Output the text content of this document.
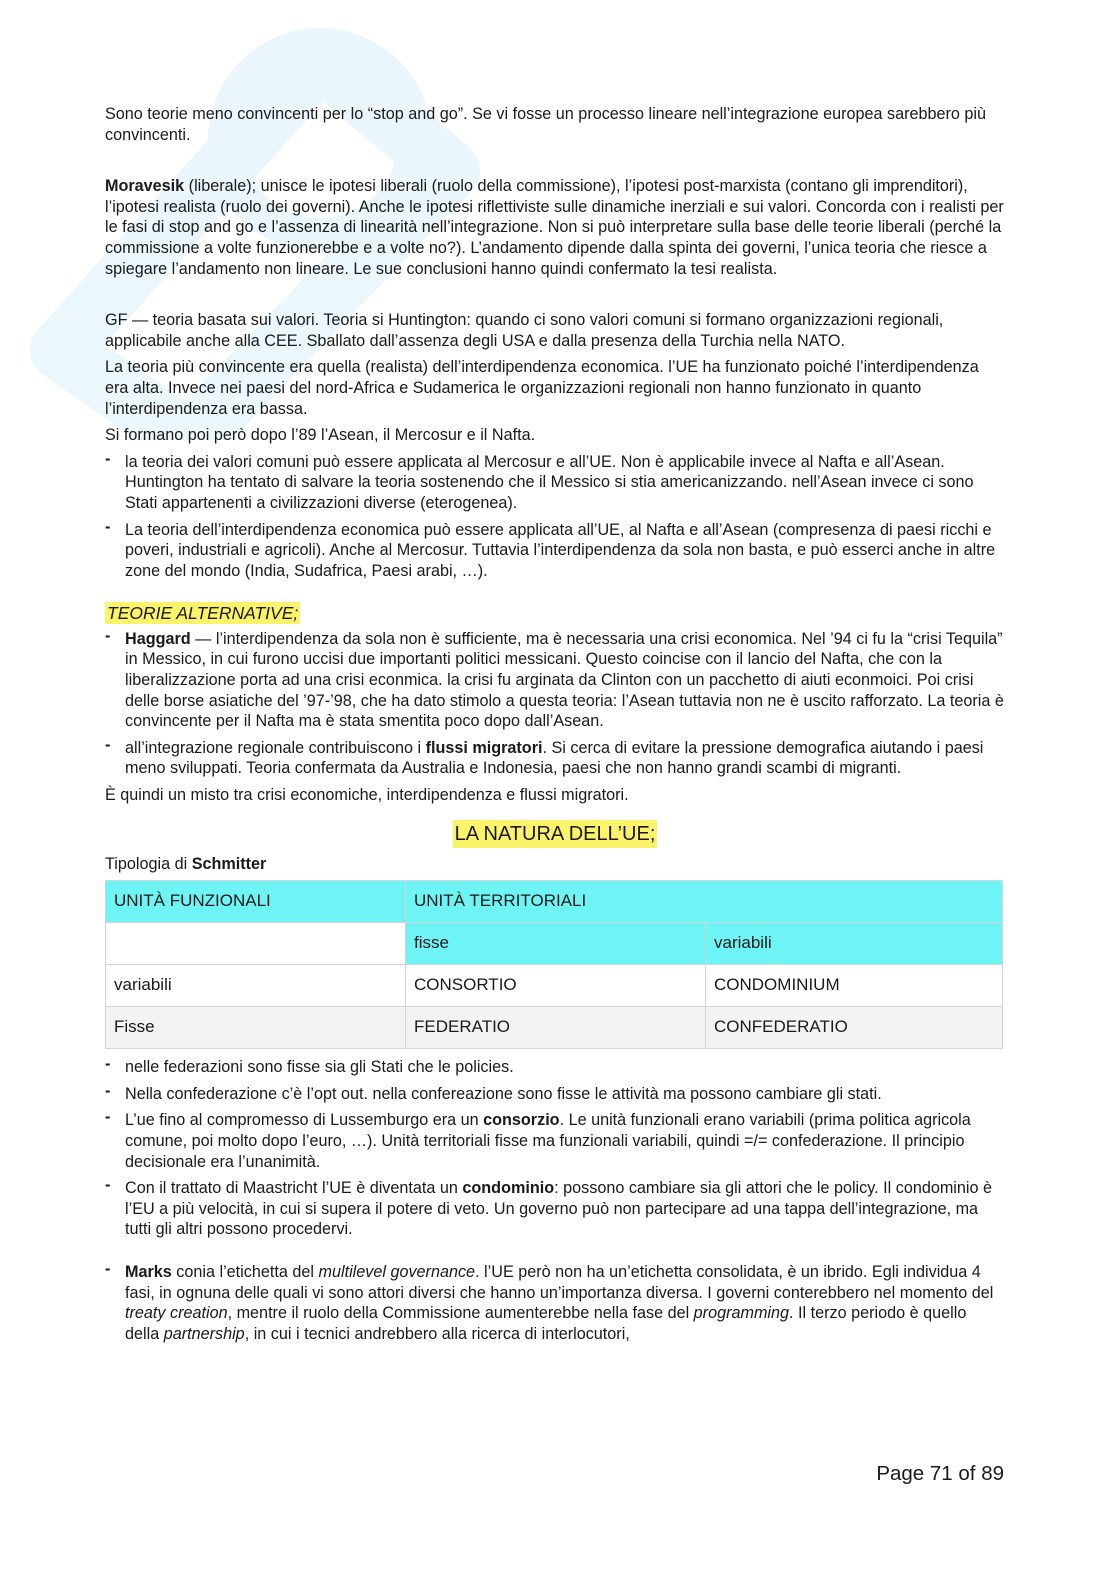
Sono teorie meno convincenti per lo “stop and go”. Se vi fosse un processo lineare nell’integrazione europea sarebbero più convincenti.

Moravesik (liberale); unisce le ipotesi liberali (ruolo della commissione), l’ipotesi post-marxista (contano gli imprenditori), l’ipotesi realista (ruolo dei governi). Anche le ipotesi riflettiviste sulle dinamiche inerziali e sui valori. Concorda con i realisti per le fasi di stop and go e l’assenza di linearità nell’integrazione. Non si può interpretare sulla base delle teorie liberali (perché la commissione a volte funzionerebbe e a volte no?). L’andamento dipende dalla spinta dei governi, l’unica teoria che riesce a spiegare l’andamento non lineare. Le sue conclusioni hanno quindi confermato la tesi realista.

GF — teoria basata sui valori. Teoria si Huntington: quando ci sono valori comuni si formano organizzazioni regionali, applicabile anche alla CEE. Sballato dall’assenza degli USA e dalla presenza della Turchia nella NATO.

La teoria più convincente era quella (realista) dell’interdipendenza economica. l’UE ha funzionato poiché l’interdipendenza era alta. Invece nei paesi del nord-Africa e Sudamerica le organizzazioni regionali non hanno funzionato in quanto l’interdipendenza era bassa.

Si formano poi però dopo l’89 l’Asean, il Mercosur e il Nafta.

- la teoria dei valori comuni può essere applicata al Mercosur e all’UE. Non è applicabile invece al Nafta e all’Asean. Huntington ha tentato di salvare la teoria sostenendo che il Messico si stia americanizzando. nell’Asean invece ci sono Stati appartenenti a civilizzazioni diverse (eterogenea).
- La teoria dell’interdipendenza economica può essere applicata all’UE, al Nafta e all’Asean (compresenza di paesi ricchi e poveri, industriali e agricoli). Anche al Mercosur. Tuttavia l’interdipendenza da sola non basta, e può esserci anche in altre zone del mondo (India, Sudafrica, Paesi arabi, …).

TEORIE ALTERNATIVE;

- Haggard — l’interdipendenza da sola non è sufficiente, ma è necessaria una crisi economica. Nel ’94 ci fu la “crisi Tequila” in Messico, in cui furono uccisi due importanti politici messicani. Questo coincise con il lancio del Nafta, che con la liberalizzazione porta ad una crisi econmica. la crisi fu arginata da Clinton con un pacchetto di aiuti econmoici. Poi crisi delle borse asiatiche del ’97-’98, che ha dato stimolo a questa teoria: l’Asean tuttavia non ne è uscito rafforzato. La teoria è convincente per il Nafta ma è stata smentita poco dopo dall’Asean.
- all’integrazione regionale contribuiscono i flussi migratori. Si cerca di evitare la pressione demografica aiutando i paesi meno sviluppati. Teoria confermata da Australia e Indonesia, paesi che non hanno grandi scambi di migranti.

È quindi un misto tra crisi economiche, interdipendenza e flussi migratori.

LA NATURA DELL’UE;

Tipologia di Schmitter

UNITÀ FUNZIONALI	UNITÀ TERRITORIALI	
	fisse	variabili
variabili	CONSORTIO	CONDOMINIUM
Fisse	FEDERATIO	CONFEDERATIO
- nelle federazioni sono fisse sia gli Stati che le policies.
- Nella confederazione c’è l’opt out. nella confereazione sono fisse le attività ma possono cambiare gli stati.
- L’ue fino al compromesso di Lussemburgo era un consorzio. Le unità funzionali erano variabili (prima politica agricola comune, poi molto dopo l’euro, …). Unità territoriali fisse ma funzionali variabili, quindi =/= confederazione. Il principio decisionale era l’unanimità.
- Con il trattato di Maastricht l’UE è diventata un condominio: possono cambiare sia gli attori che le policy. Il condominio è l’EU a più velocità, in cui si supera il potere di veto. Un governo può non partecipare ad una tappa dell’integrazione, ma tutti gli altri possono procedervi.
- Marks conia l’etichetta del multilevel governance. l’UE però non ha un’etichetta consolidata, è un ibrido. Egli individua 4 fasi, in ognuna delle quali vi sono attori diversi che hanno un’importanza diversa. I governi conterebbero nel momento del treaty creation, mentre il ruolo della Commissione aumenterebbe nella fase del programming. Il terzo periodo è quello della partnership, in cui i tecnici andrebbero alla ricerca di interlocutori,
Page 71 of 89
